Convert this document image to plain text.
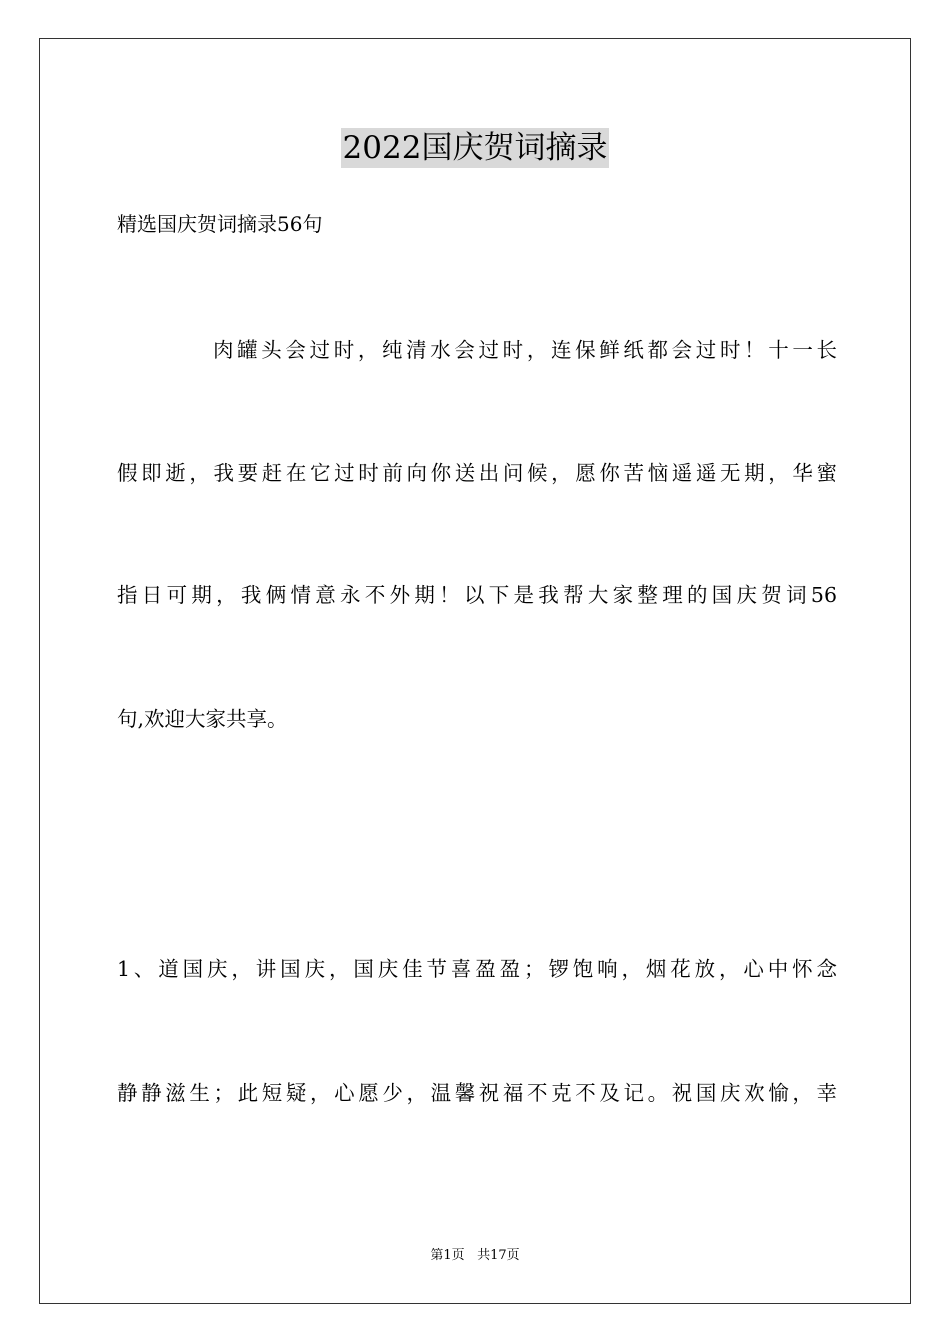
2022国庆贺词摘录
精选国庆贺词摘录56句
肉罐头会过时，纯清水会过时，连保鲜纸都会过时！十一长
假即逝，我要赶在它过时前向你送出问候，愿你苦恼遥遥无期，华蜜
指日可期，我俩情意永不外期！以下是我帮大家整理的国庆贺词56
句,欢迎大家共享。
1、道国庆，讲国庆，国庆佳节喜盈盈；锣饱响，烟花放，心中怀念
静静滋生；此短疑，心愿少，温馨祝福不克不及记。祝国庆欢愉，幸
第1页 共17页
